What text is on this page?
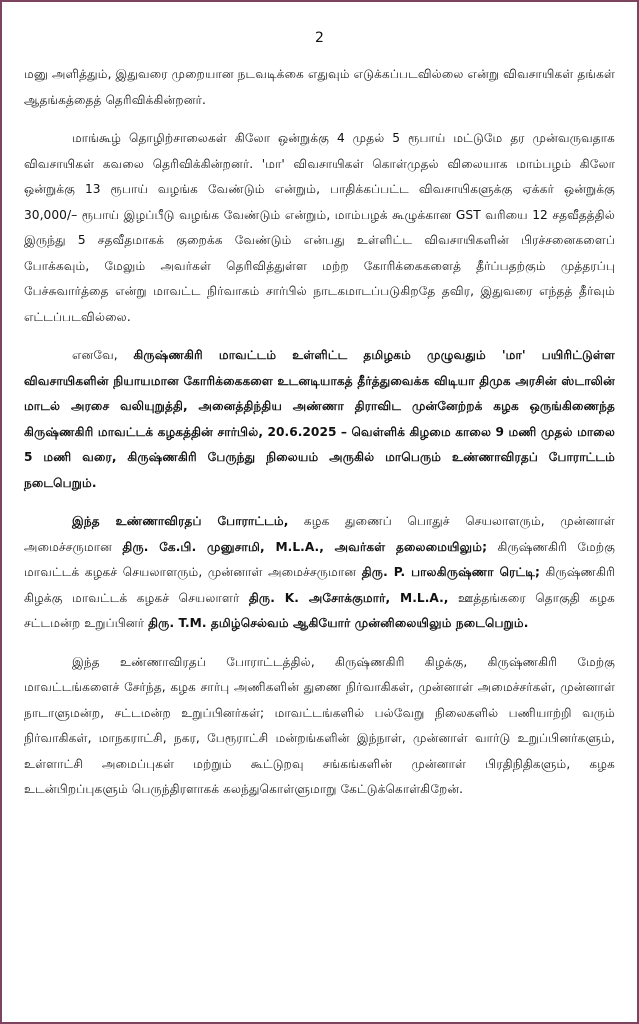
2

மனு அளித்தும், இதுவரை முறையான நடவடிக்கை எதுவும் எடுக்கப்படவில்லை என்று விவசாயிகள் தங்கள் ஆதங்கத்தைத் தெரிவிக்கின்றனர்.

மாங்கூழ் தொழிற்சாலைகள் கிலோ ஒன்றுக்கு 4 முதல் 5 ரூபாய் மட்டுமே தர முன்வருவதாக விவசாயிகள் கவலை தெரிவிக்கின்றனர். 'மா' விவசாயிகள் கொள்முதல் விலையாக மாம்பழம் கிலோ ஒன்றுக்கு 13 ரூபாய் வழங்க வேண்டும் என்றும், பாதிக்கப்பட்ட விவசாயிகளுக்கு ஏக்கர் ஒன்றுக்கு 30,000/– ரூபாய் இழப்பீடு வழங்க வேண்டும் என்றும், மாம்பழக் கூழுக்கான GST வரியை 12 சதவீதத்தில் இருந்து 5 சதவீதமாகக் குறைக்க வேண்டும் என்பது உள்ளிட்ட விவசாயிகளின் பிரச்சனைகளைப் போக்கவும், மேலும் அவர்கள் தெரிவித்துள்ள மற்ற கோரிக்கைகளைத் தீர்ப்பதற்கும் முத்தரப்பு பேச்சுவார்த்தை என்று மாவட்ட நிர்வாகம் சார்பில் நாடகமாடப்படுகிறதே தவிர, இதுவரை எந்தத் தீர்வும் எட்டப்படவில்லை.

எனவே, கிருஷ்ணகிரி மாவட்டம் உள்ளிட்ட தமிழகம் முழுவதும் 'மா' பயிரிட்டுள்ள விவசாயிகளின் நியாயமான கோரிக்கைகளை உடனடியாகத் தீர்த்துவைக்க விடியா திமுக அரசின் ஸ்டாலின் மாடல் அரசை வலியுறுத்தி, அனைத்திந்திய அண்ணா திராவிட முன்னேற்றக் கழக ஒருங்கிணைந்த கிருஷ்ணகிரி மாவட்டக் கழகத்தின் சார்பில், 20.6.2025 – வெள்ளிக் கிழமை காலை 9 மணி முதல் மாலை 5 மணி வரை, கிருஷ்ணகிரி பேருந்து நிலையம் அருகில் மாபெரும் உண்ணாவிரதப் போராட்டம் நடைபெறும்.

இந்த உண்ணாவிரதப் போராட்டம், கழக துணைப் பொதுச் செயலாளரும், முன்னாள் அமைச்சருமான திரு. கே.பி. முனுசாமி, M.L.A., அவர்கள் தலைமையிலும்; கிருஷ்ணகிரி மேற்கு மாவட்டக் கழகச் செயலாளரும், முன்னாள் அமைச்சருமான திரு. P. பாலகிருஷ்ணா ரெட்டி; கிருஷ்ணகிரி கிழக்கு மாவட்டக் கழகச் செயலாளர் திரு. K. அசோக்குமார், M.L.A., ஊத்தங்கரை தொகுதி கழக சட்டமன்ற உறுப்பினர் திரு. T.M. தமிழ்செல்வம் ஆகியோர் முன்னிலையிலும் நடைபெறும்.

இந்த உண்ணாவிரதப் போராட்டத்தில், கிருஷ்ணகிரி கிழக்கு, கிருஷ்ணகிரி மேற்கு மாவட்டங்களைச் சேர்ந்த, கழக சார்பு அணிகளின் துணை நிர்வாகிகள், முன்னாள் அமைச்சர்கள், முன்னாள் நாடாளுமன்ற, சட்டமன்ற உறுப்பினர்கள்; மாவட்டங்களில் பல்வேறு நிலைகளில் பணியாற்றி வரும் நிர்வாகிகள், மாநகராட்சி, நகர, பேரூராட்சி மன்றங்களின் இந்நாள், முன்னாள் வார்டு உறுப்பினர்களும், உள்ளாட்சி அமைப்புகள் மற்றும் கூட்டுறவு சங்கங்களின் முன்னாள் பிரதிநிதிகளும், கழக உடன்பிறப்புகளும் பெருந்திரளாகக் கலந்துகொள்ளுமாறு கேட்டுக்கொள்கிறேன்.
